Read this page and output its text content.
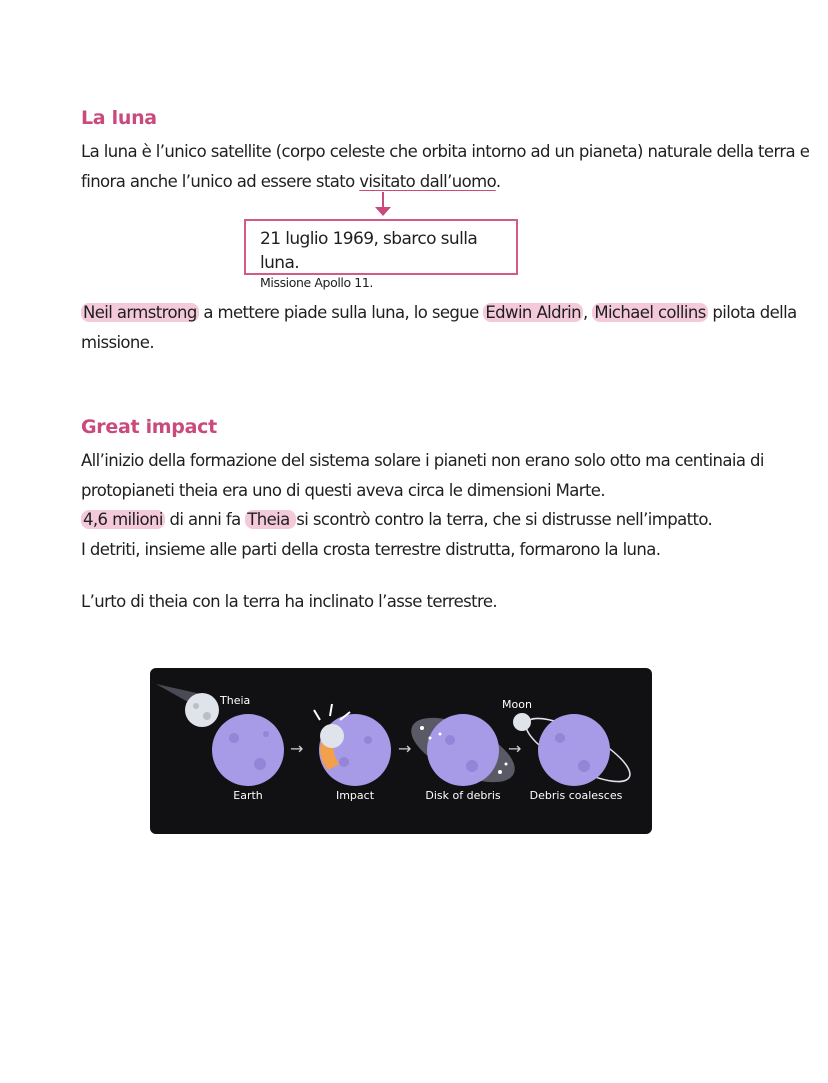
La luna
La luna è l’unico satellite (corpo celeste che orbita intorno ad un pianeta) naturale della terra e
finora anche l’unico ad essere stato visitato dall’uomo.
21 luglio 1969, sbarco sulla luna.
Missione Apollo 11.
Neil armstrong a mettere piade sulla luna, lo segue Edwin Aldrin , Michael collins pilota della
missione.
Great impact
All’inizio della formazione del sistema solare i pianeti non erano solo otto ma centinaia di
protopianeti theia era uno di questi aveva circa le dimensioni Marte.
4,6 milioni di anni fa Theia si scontrò contro la terra, che si distrusse nell’impatto.
I detriti, insieme alle parti della crosta terrestre distrutta, formarono la luna.
L’urto di theia con la terra ha inclinato l’asse terrestre.
Theia
→	→	→
Moon
Earth	Impact	Disk of debris	Debris coalesces
